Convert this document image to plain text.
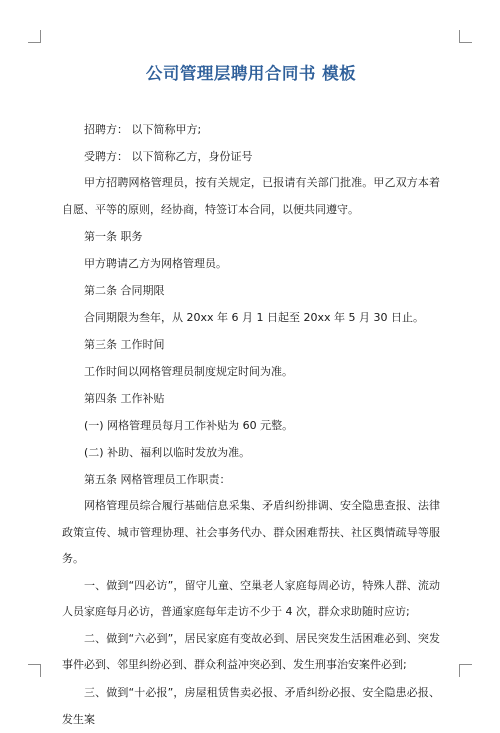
公司管理层聘用合同书 模板

招聘方： 以下简称甲方;

受聘方： 以下简称乙方，身份证号

甲方招聘网格管理员，按有关规定，已报请有关部门批准。甲乙双方本着自愿、平等的原则，经协商，特签订本合同，以便共同遵守。

第一条 职务

甲方聘请乙方为网格管理员。

第二条 合同期限

合同期限为叁年，从 20xx 年 6 月 1 日起至 20xx 年 5 月 30 日止。

第三条 工作时间

工作时间以网格管理员制度规定时间为准。

第四条 工作补贴

(一) 网格管理员每月工作补贴为 60 元整。

(二) 补助、福利以临时发放为准。

第五条 网格管理员工作职责：

网格管理员综合履行基础信息采集、矛盾纠纷排调、安全隐患查报、法律政策宣传、城市管理协理、社会事务代办、群众困难帮扶、社区舆情疏导等服务。

一、做到“四必访”，留守儿童、空巢老人家庭每周必访，特殊人群、流动人员家庭每月必访，普通家庭每年走访不少于 4 次，群众求助随时应访;

二、做到“六必到”，居民家庭有变故必到、居民突发生活困难必到、突发事件必到、邻里纠纷必到、群众利益冲突必到、发生刑事治安案件必到;

三、做到“十必报”，房屋租赁售卖必报、矛盾纠纷必报、安全隐患必报、发生案
